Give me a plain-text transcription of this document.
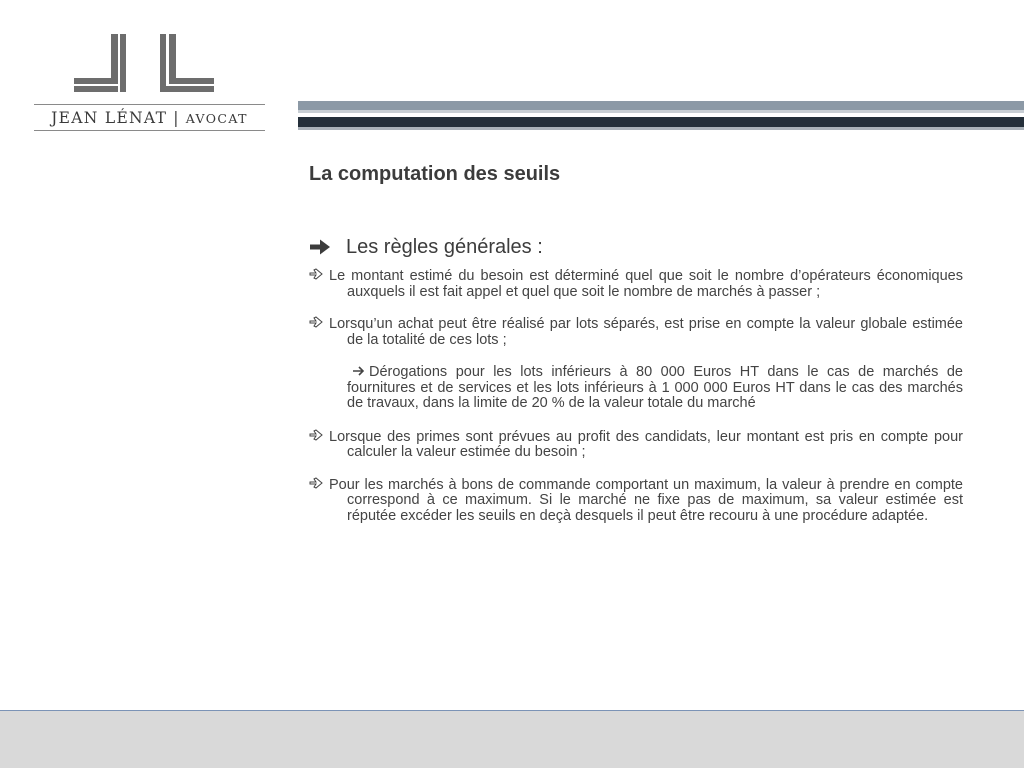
JEAN LÉNAT | AVOCAT
La computation des seuils
Les règles générales :

Le montant estimé du besoin est déterminé quel que soit le nombre d’opérateurs économiques auxquels il est fait appel et quel que soit le nombre de marchés à passer ;

Lorsqu’un achat peut être réalisé par lots séparés, est prise en compte la valeur globale estimée de la totalité de ces lots ;

Dérogations pour les lots inférieurs à 80 000 Euros HT dans le cas de marchés de fournitures et de services et les lots inférieurs à 1 000 000 Euros HT dans le cas des marchés de travaux, dans la limite de 20 % de la valeur totale du marché

Lorsque des primes sont prévues au profit des candidats, leur montant est pris en compte pour calculer la valeur estimée du besoin ;

Pour les marchés à bons de commande comportant un maximum, la valeur à prendre en compte correspond à ce maximum. Si le marché ne fixe pas de maximum, sa valeur estimée est réputée excéder les seuils en deçà desquels il peut être recouru à une procédure adaptée.
